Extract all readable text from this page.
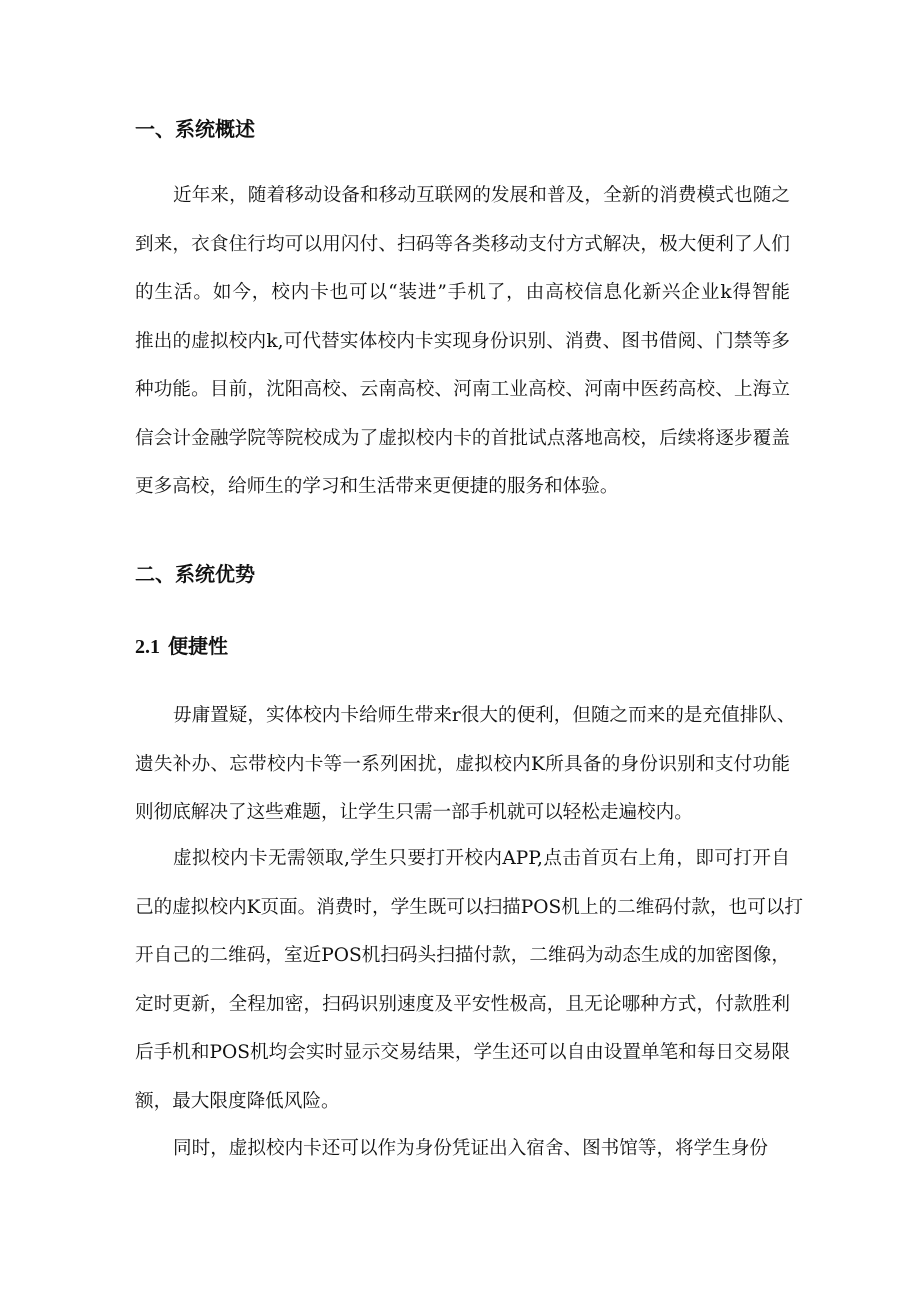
一、系统概述
近年来，随着移动设备和移动互联网的发展和普及，全新的消费模式也随之
到来，衣食住行均可以用闪付、扫码等各类移动支付方式解决，极大便利了人们
的生活。如今，校内卡也可以“装进”手机了，由高校信息化新兴企业k得智能
推出的虚拟校内k,可代替实体校内卡实现身份识别、消费、图书借阅、门禁等多
种功能。目前，沈阳高校、云南高校、河南工业高校、河南中医药高校、上海立
信会计金融学院等院校成为了虚拟校内卡的首批试点落地高校，后续将逐步覆盖
更多高校，给师生的学习和生活带来更便捷的服务和体验。
二、系统优势
2.1 便捷性
毋庸置疑，实体校内卡给师生带来r很大的便利，但随之而来的是充值排队、
遗失补办、忘带校内卡等一系列困扰，虚拟校内K所具备的身份识别和支付功能
则彻底解决了这些难题，让学生只需一部手机就可以轻松走遍校内。
虚拟校内卡无需领取,学生只要打开校内APP,点击首页右上角，即可打开自
己的虚拟校内K页面。消费时，学生既可以扫描POS机上的二维码付款，也可以打
开自己的二维码，室近POS机扫码头扫描付款，二维码为动态生成的加密图像，
定时更新，全程加密，扫码识别速度及平安性极高，且无论哪种方式，付款胜利
后手机和POS机均会实时显示交易结果，学生还可以自由设置单笔和每日交易限
额，最大限度降低风险。
同时，虚拟校内卡还可以作为身份凭证出入宿舍、图书馆等，将学生身份
